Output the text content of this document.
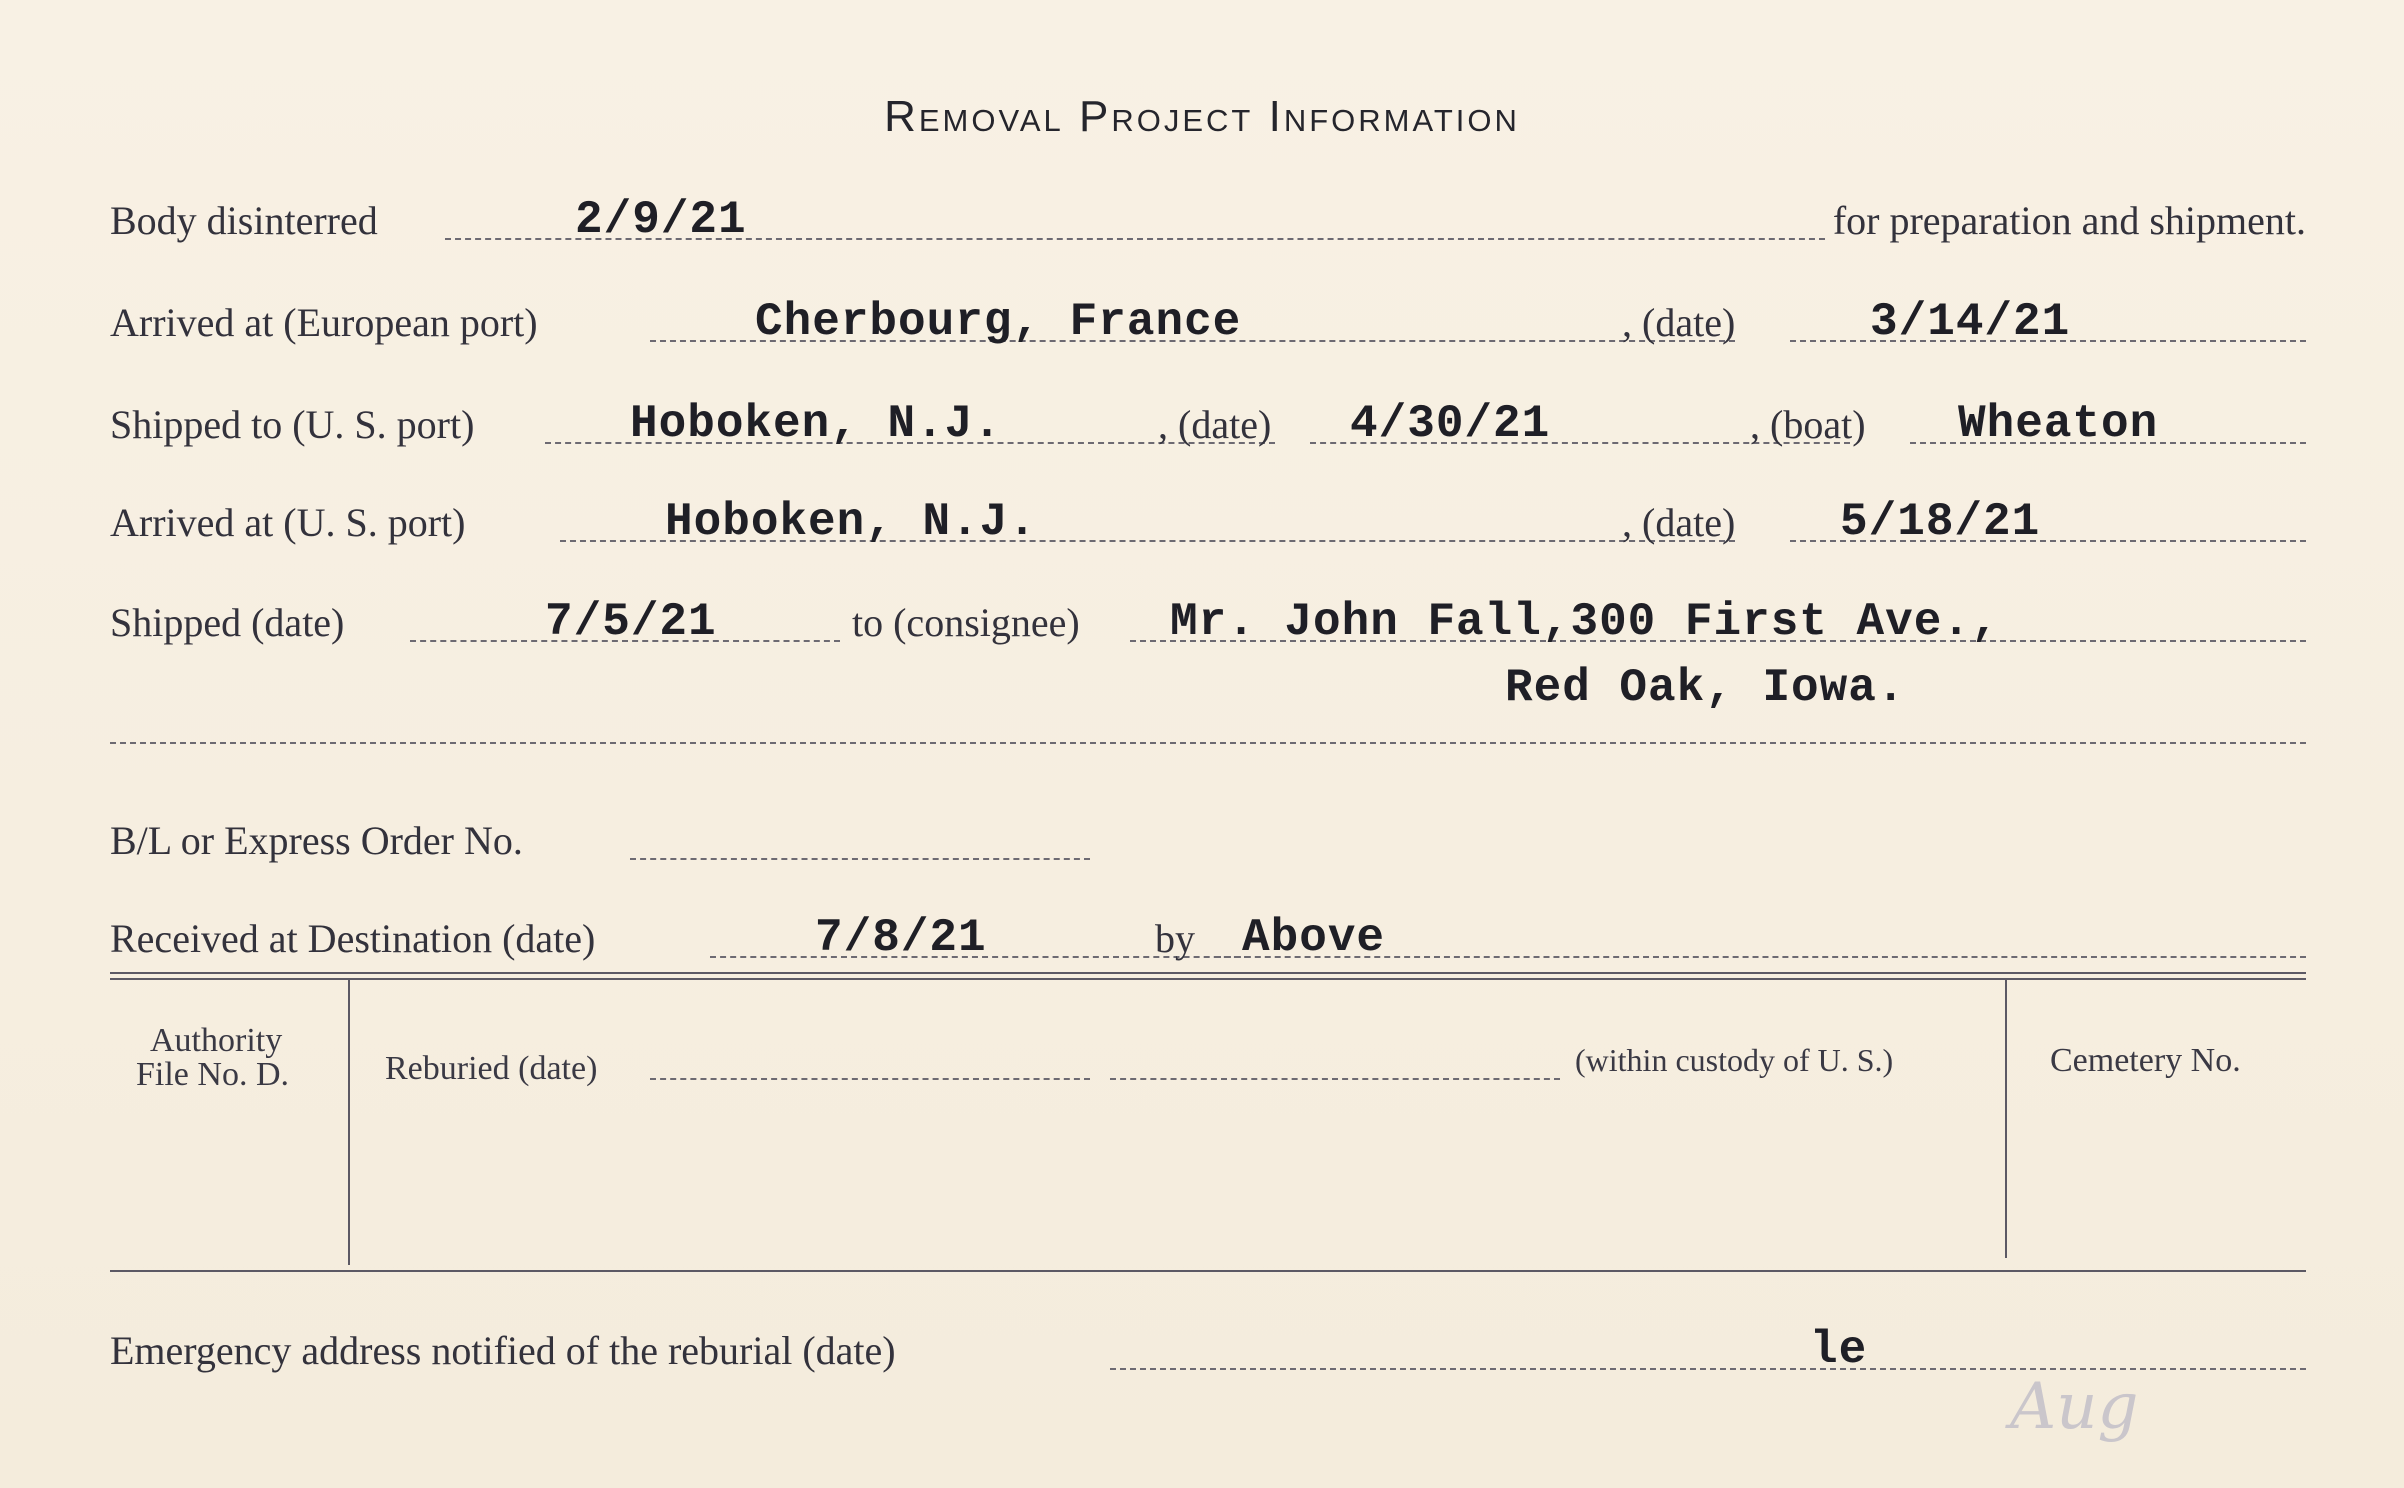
Removal Project Information
Body disinterred	2/9/21	for preparation and shipment.
Arrived at (European port)	Cherbourg, France	, (date)	3/14/21
Shipped to (U. S. port)	Hoboken, N.J.	, (date) 4/30/21	, (boat) Wheaton
Arrived at (U. S. port)	Hoboken, N.J.	, (date) 5/18/21
Shipped (date)	7/5/21	to (consignee) Mr. John Fall,300 First Ave.,
Red Oak, Iowa.
B/L or Express Order No.
Received at Destination (date)	7/8/21	by Above
Authority
File No. D.	Reburied (date)	(within custody of U. S.)	Cemetery No.
Emergency address notified of the reburial (date)	le
Aug
